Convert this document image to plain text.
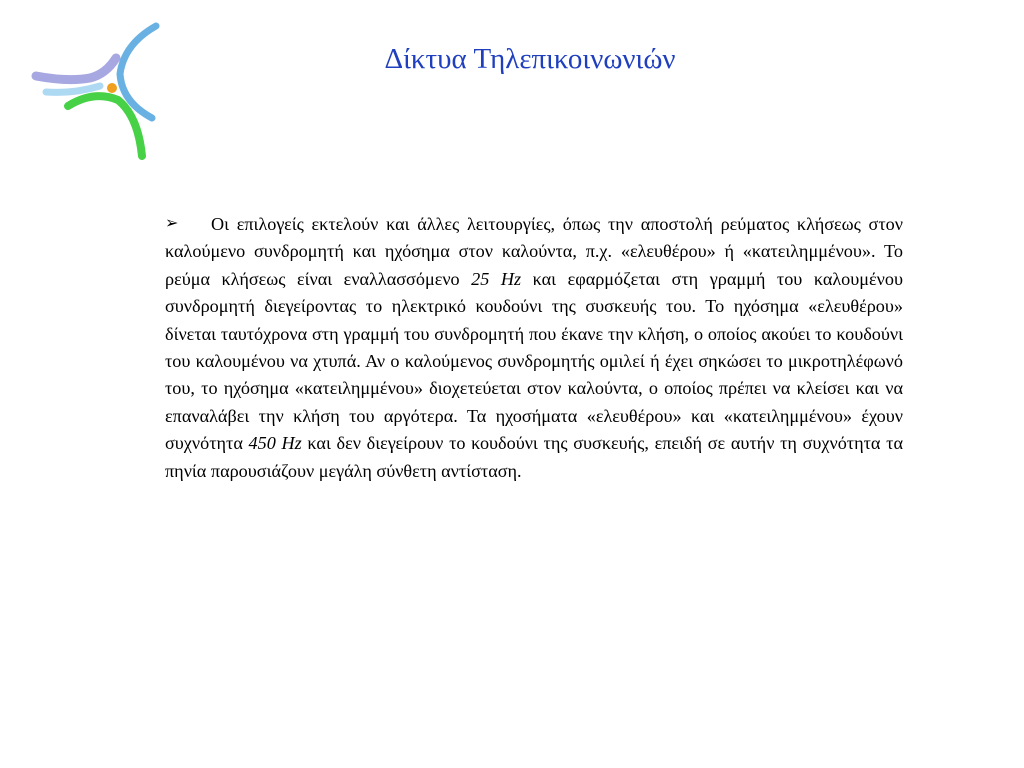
Δίκτυα Τηλεπικοινωνιών
➢	Οι επιλογείς εκτελούν και άλλες λειτουργίες, όπως την αποστολή ρεύματος κλήσεως στον καλούμενο συνδρομητή και ηχόσημα στον καλούντα, π.χ. «ελευθέρου» ή «κατειλημμένου». Το ρεύμα κλήσεως είναι εναλλασσόμενο 25 Hz και εφαρμόζεται στη γραμμή του καλουμένου συνδρομητή διεγείροντας το ηλεκτρικό κουδούνι της συσκευής του. Το ηχόσημα «ελευθέρου» δίνεται ταυτόχρονα στη γραμμή του συνδρομητή που έκανε την κλήση, ο οποίος ακούει το κουδούνι του καλουμένου να χτυπά. Αν ο καλούμενος συνδρομητής ομιλεί ή έχει σηκώσει το μικροτηλέφωνό του, το ηχόσημα «κατειλημμένου» διοχετεύεται στον καλούντα, ο οποίος πρέπει να κλείσει και να επαναλάβει την κλήση του αργότερα. Τα ηχοσήματα «ελευθέρου» και «κατειλημμένου» έχουν συχνότητα 450 Hz και δεν διεγείρουν το κουδούνι της συσκευής, επειδή σε αυτήν τη συχνότητα τα πηνία παρουσιάζουν μεγάλη σύνθετη αντίσταση.
